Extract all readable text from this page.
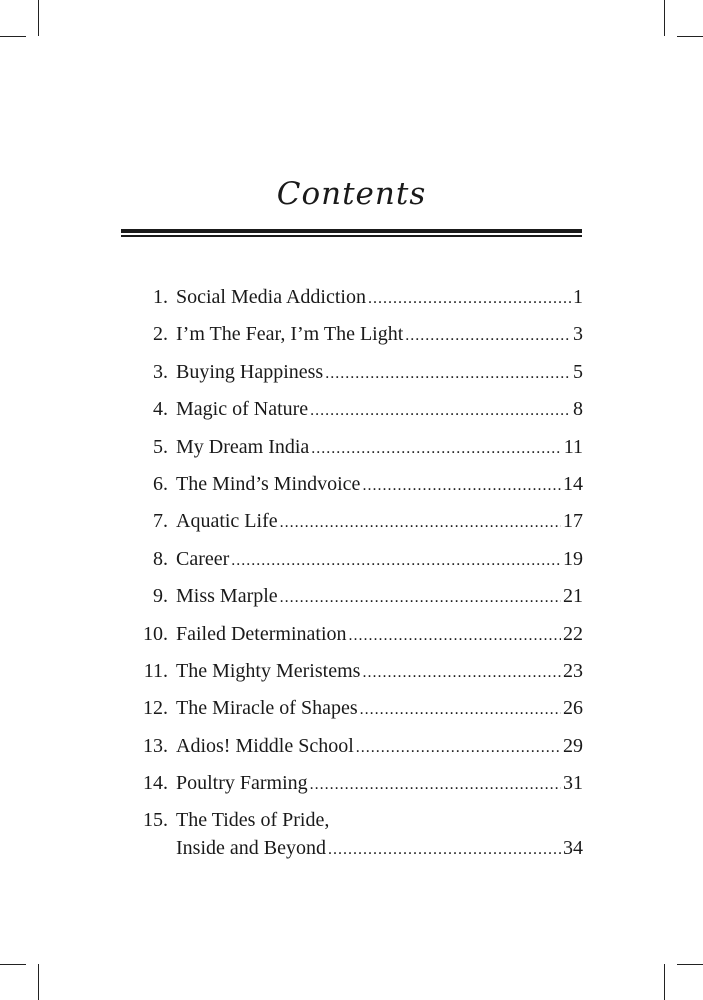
Contents
1. Social Media Addiction .....	1
2. I’m The Fear, I’m The Light .....	3
3. Buying Happiness .....	5
4. Magic of Nature .....	8
5. My Dream India .....	11
6. The Mind’s Mindvoice .....	14
7. Aquatic Life .....	17
8. Career .....	19
9. Miss Marple .....	21
10. Failed Determination .....	22
11. The Mighty Meristems .....	23
12. The Miracle of Shapes .....	26
13. Adios! Middle School .....	29
14. Poultry Farming .....	31
15. The Tides of Pride,
Inside and Beyond .....	34
